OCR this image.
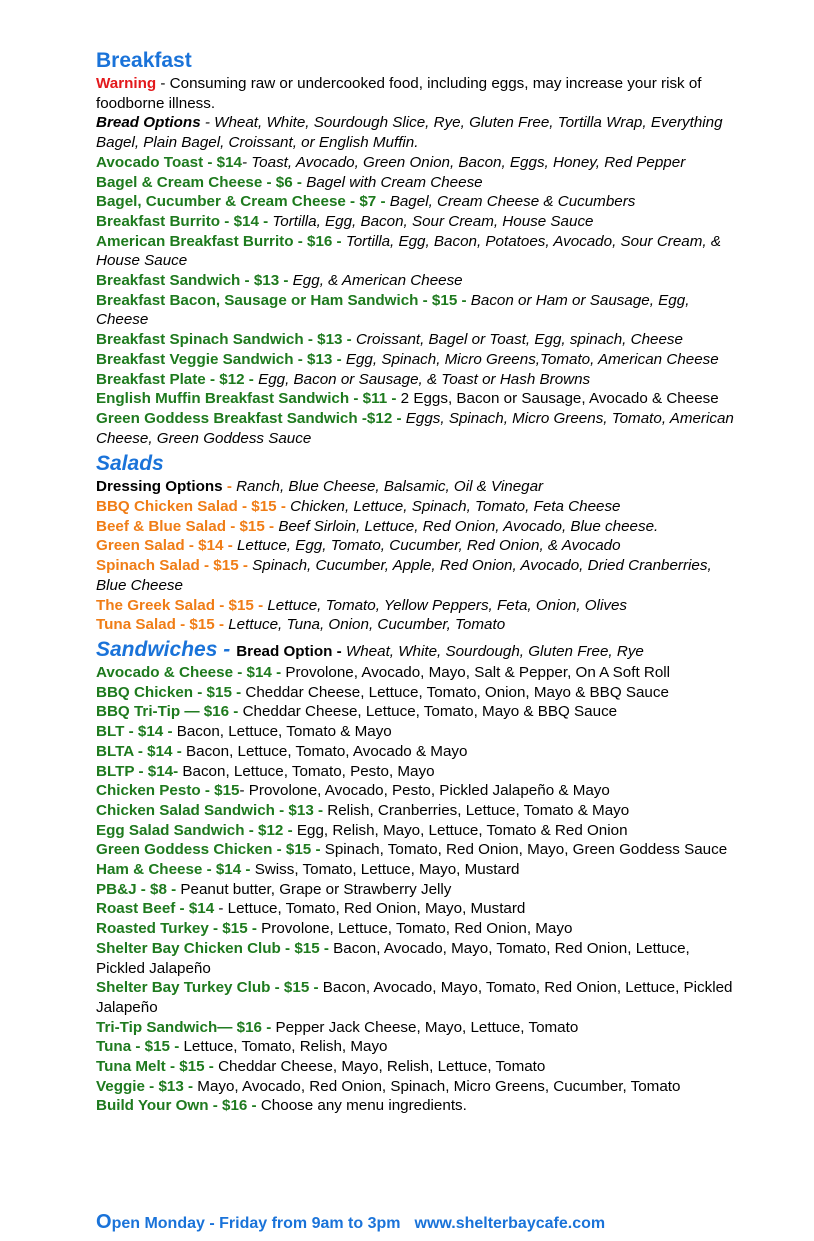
Breakfast
Warning - Consuming raw or undercooked food, including eggs, may increase your risk of foodborne illness.
Bread Options - Wheat, White, Sourdough Slice, Rye, Gluten Free, Tortilla Wrap, Everything Bagel, Plain Bagel, Croissant, or English Muffin.
Avocado Toast - $14- Toast, Avocado, Green Onion, Bacon, Eggs, Honey, Red Pepper
Bagel & Cream Cheese - $6 - Bagel with Cream Cheese
Bagel, Cucumber & Cream Cheese - $7 - Bagel, Cream Cheese & Cucumbers
Breakfast Burrito - $14 - Tortilla, Egg, Bacon, Sour Cream, House Sauce
American Breakfast Burrito - $16 - Tortilla, Egg, Bacon, Potatoes, Avocado, Sour Cream, & House Sauce
Breakfast Sandwich - $13 - Egg, & American Cheese
Breakfast Bacon, Sausage or Ham Sandwich - $15 - Bacon or Ham or Sausage, Egg, Cheese
Breakfast Spinach Sandwich - $13 - Croissant, Bagel or Toast, Egg, spinach, Cheese
Breakfast Veggie Sandwich - $13 - Egg, Spinach, Micro Greens,Tomato, American Cheese
Breakfast Plate - $12 - Egg, Bacon or Sausage, & Toast or Hash Browns
English Muffin Breakfast Sandwich - $11 - 2 Eggs, Bacon or Sausage, Avocado & Cheese
Green Goddess Breakfast Sandwich -$12 - Eggs, Spinach, Micro Greens, Tomato, American Cheese, Green Goddess Sauce
Salads
Dressing Options - Ranch, Blue Cheese, Balsamic, Oil & Vinegar
BBQ Chicken Salad - $15 - Chicken, Lettuce, Spinach, Tomato, Feta Cheese
Beef & Blue Salad - $15 - Beef Sirloin, Lettuce, Red Onion, Avocado, Blue cheese.
Green Salad - $14 - Lettuce, Egg, Tomato, Cucumber, Red Onion, & Avocado
Spinach Salad - $15 - Spinach, Cucumber, Apple, Red Onion, Avocado, Dried Cranberries, Blue Cheese
The Greek Salad - $15 - Lettuce, Tomato, Yellow Peppers, Feta, Onion, Olives
Tuna Salad - $15 - Lettuce, Tuna, Onion, Cucumber, Tomato
Sandwiches - Bread Option - Wheat, White, Sourdough, Gluten Free, Rye
Avocado & Cheese - $14 - Provolone, Avocado, Mayo, Salt & Pepper, On A Soft Roll
BBQ Chicken - $15 - Cheddar Cheese, Lettuce, Tomato, Onion, Mayo & BBQ Sauce
BBQ Tri-Tip — $16 - Cheddar Cheese, Lettuce, Tomato, Mayo & BBQ Sauce
BLT - $14 - Bacon, Lettuce, Tomato & Mayo
BLTA - $14 - Bacon, Lettuce, Tomato, Avocado & Mayo
BLTP - $14- Bacon, Lettuce, Tomato, Pesto, Mayo
Chicken Pesto - $15- Provolone, Avocado, Pesto, Pickled Jalapeño & Mayo
Chicken Salad Sandwich - $13 - Relish, Cranberries, Lettuce, Tomato & Mayo
Egg Salad Sandwich - $12 - Egg, Relish, Mayo, Lettuce, Tomato & Red Onion
Green Goddess Chicken - $15 - Spinach, Tomato, Red Onion, Mayo, Green Goddess Sauce
Ham & Cheese - $14 - Swiss, Tomato, Lettuce, Mayo, Mustard
PB&J - $8 - Peanut butter, Grape or Strawberry Jelly
Roast Beef - $14 - Lettuce, Tomato, Red Onion, Mayo, Mustard
Roasted Turkey - $15 - Provolone, Lettuce, Tomato, Red Onion, Mayo
Shelter Bay Chicken Club - $15 - Bacon, Avocado, Mayo, Tomato, Red Onion, Lettuce, Pickled Jalapeño
Shelter Bay Turkey Club - $15 - Bacon, Avocado, Mayo, Tomato, Red Onion, Lettuce, Pickled Jalapeño
Tri-Tip Sandwich— $16 - Pepper Jack Cheese, Mayo, Lettuce, Tomato
Tuna - $15 - Lettuce, Tomato, Relish, Mayo
Tuna Melt - $15 - Cheddar Cheese, Mayo, Relish, Lettuce, Tomato
Veggie - $13 - Mayo, Avocado, Red Onion, Spinach, Micro Greens, Cucumber, Tomato
Build Your Own - $16 - Choose any menu ingredients.
Open Monday - Friday from 9am to 3pm www.shelterbaycafe.com
